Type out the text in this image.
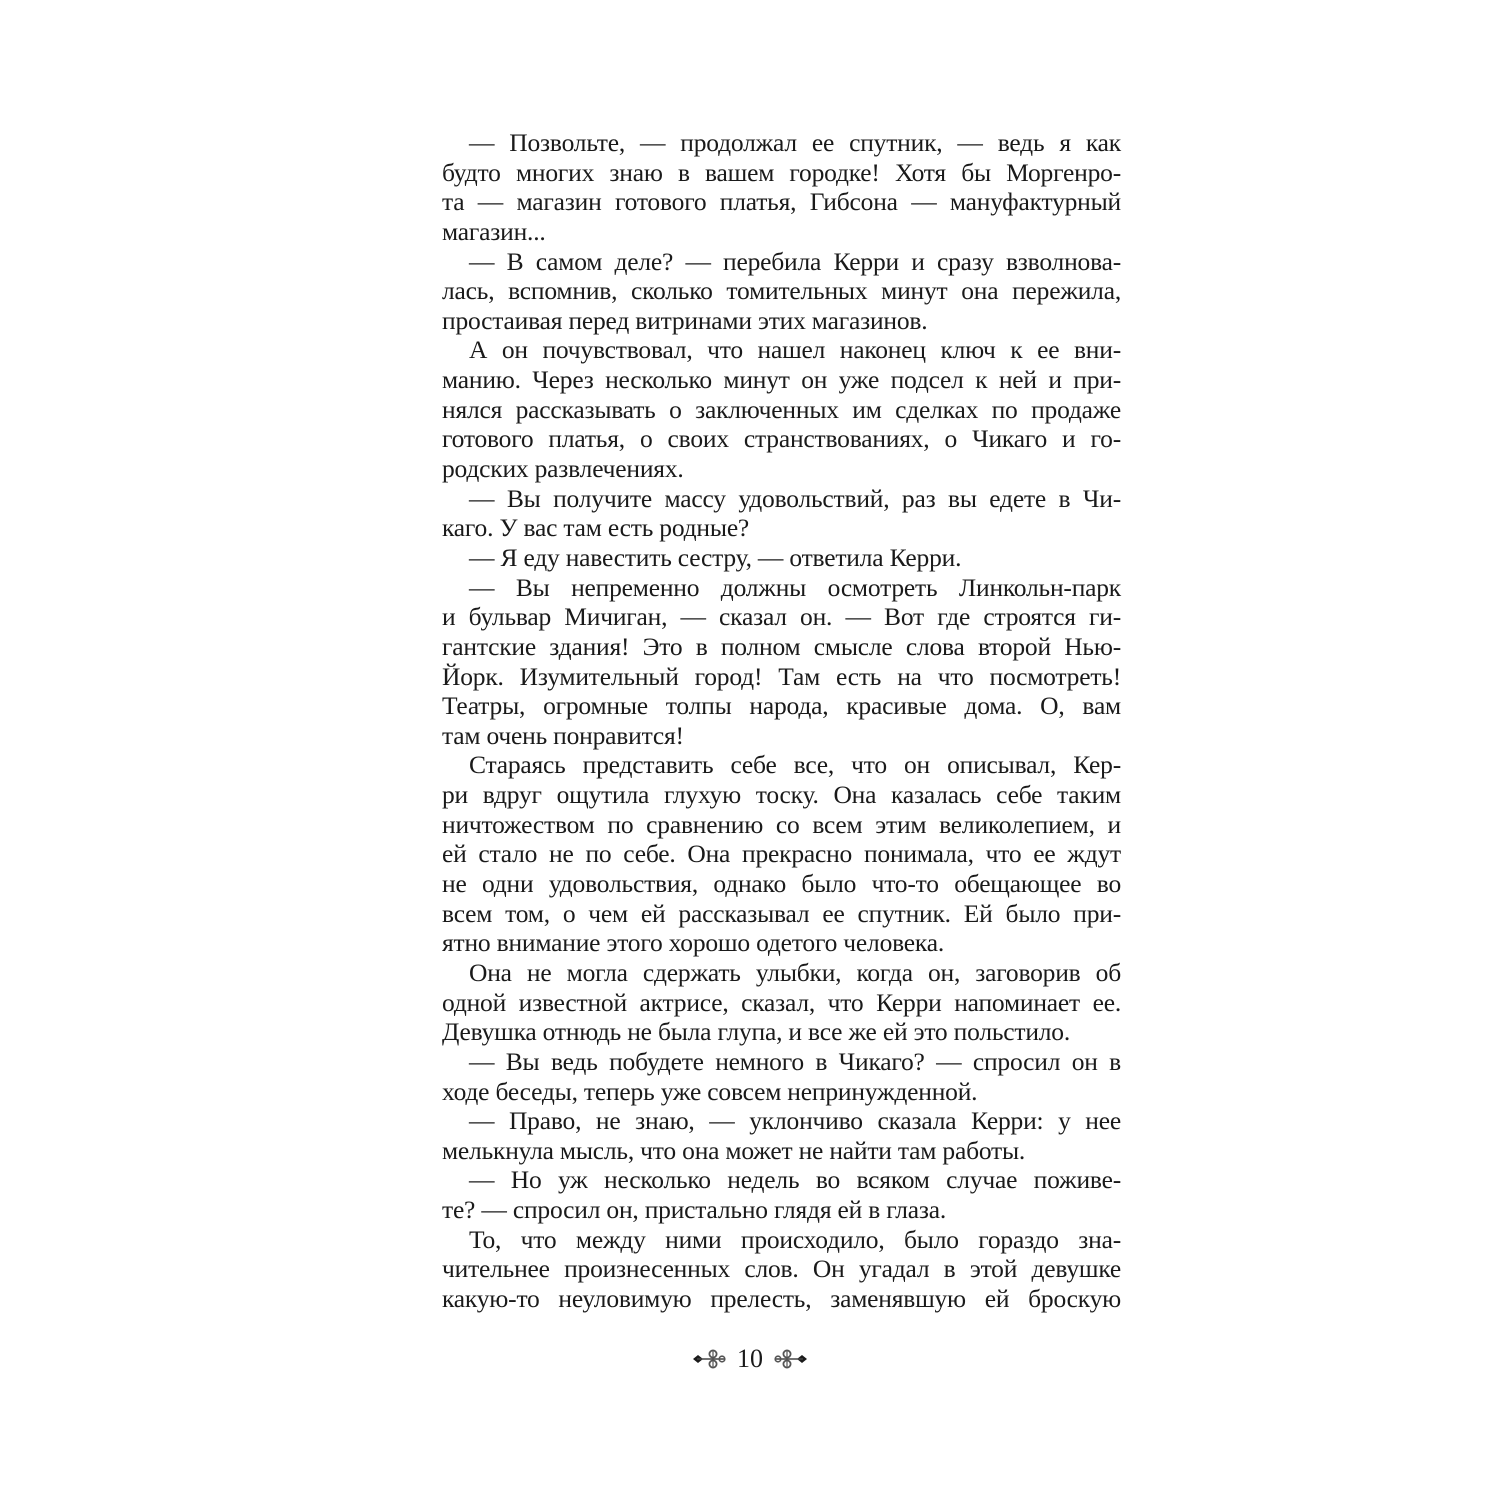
— Позвольте, — продолжал ее спутник, — ведь я как
будто многих знаю в вашем городке! Хотя бы Моргенро-
та — магазин готового платья, Гибсона — мануфактурный
магазин...
— В самом деле? — перебила Керри и сразу взволнова-
лась, вспомнив, сколько томительных минут она пережила,
простаивая перед витринами этих магазинов.
А он почувствовал, что нашел наконец ключ к ее вни-
манию. Через несколько минут он уже подсел к ней и при-
нялся рассказывать о заключенных им сделках по продаже
готового платья, о своих странствованиях, о Чикаго и го-
родских развлечениях.
— Вы получите массу удовольствий, раз вы едете в Чи-
каго. У вас там есть родные?
— Я еду навестить сестру, — ответила Керри.
— Вы непременно должны осмотреть Линкольн-парк
и бульвар Мичиган, — сказал он. — Вот где строятся ги-
гантские здания! Это в полном смысле слова второй Нью-
Йорк. Изумительный город! Там есть на что посмотреть!
Театры, огромные толпы народа, красивые дома. О, вам
там очень понравится!
Стараясь представить себе все, что он описывал, Кер-
ри вдруг ощутила глухую тоску. Она казалась себе таким
ничтожеством по сравнению со всем этим великолепием, и
ей стало не по себе. Она прекрасно понимала, что ее ждут
не одни удовольствия, однако было что-то обещающее во
всем том, о чем ей рассказывал ее спутник. Ей было при-
ятно внимание этого хорошо одетого человека.
Она не могла сдержать улыбки, когда он, заговорив об
одной известной актрисе, сказал, что Керри напоминает ее.
Девушка отнюдь не была глупа, и все же ей это польстило.
— Вы ведь побудете немного в Чикаго? — спросил он в
ходе беседы, теперь уже совсем непринужденной.
— Право, не знаю, — уклончиво сказала Керри: у нее
мелькнула мысль, что она может не найти там работы.
— Но уж несколько недель во всяком случае поживе-
те? — спросил он, пристально глядя ей в глаза.
То, что между ними происходило, было гораздо зна-
чительнее произнесенных слов. Он угадал в этой девушке
какую-то неуловимую прелесть, заменявшую ей броскую
10
